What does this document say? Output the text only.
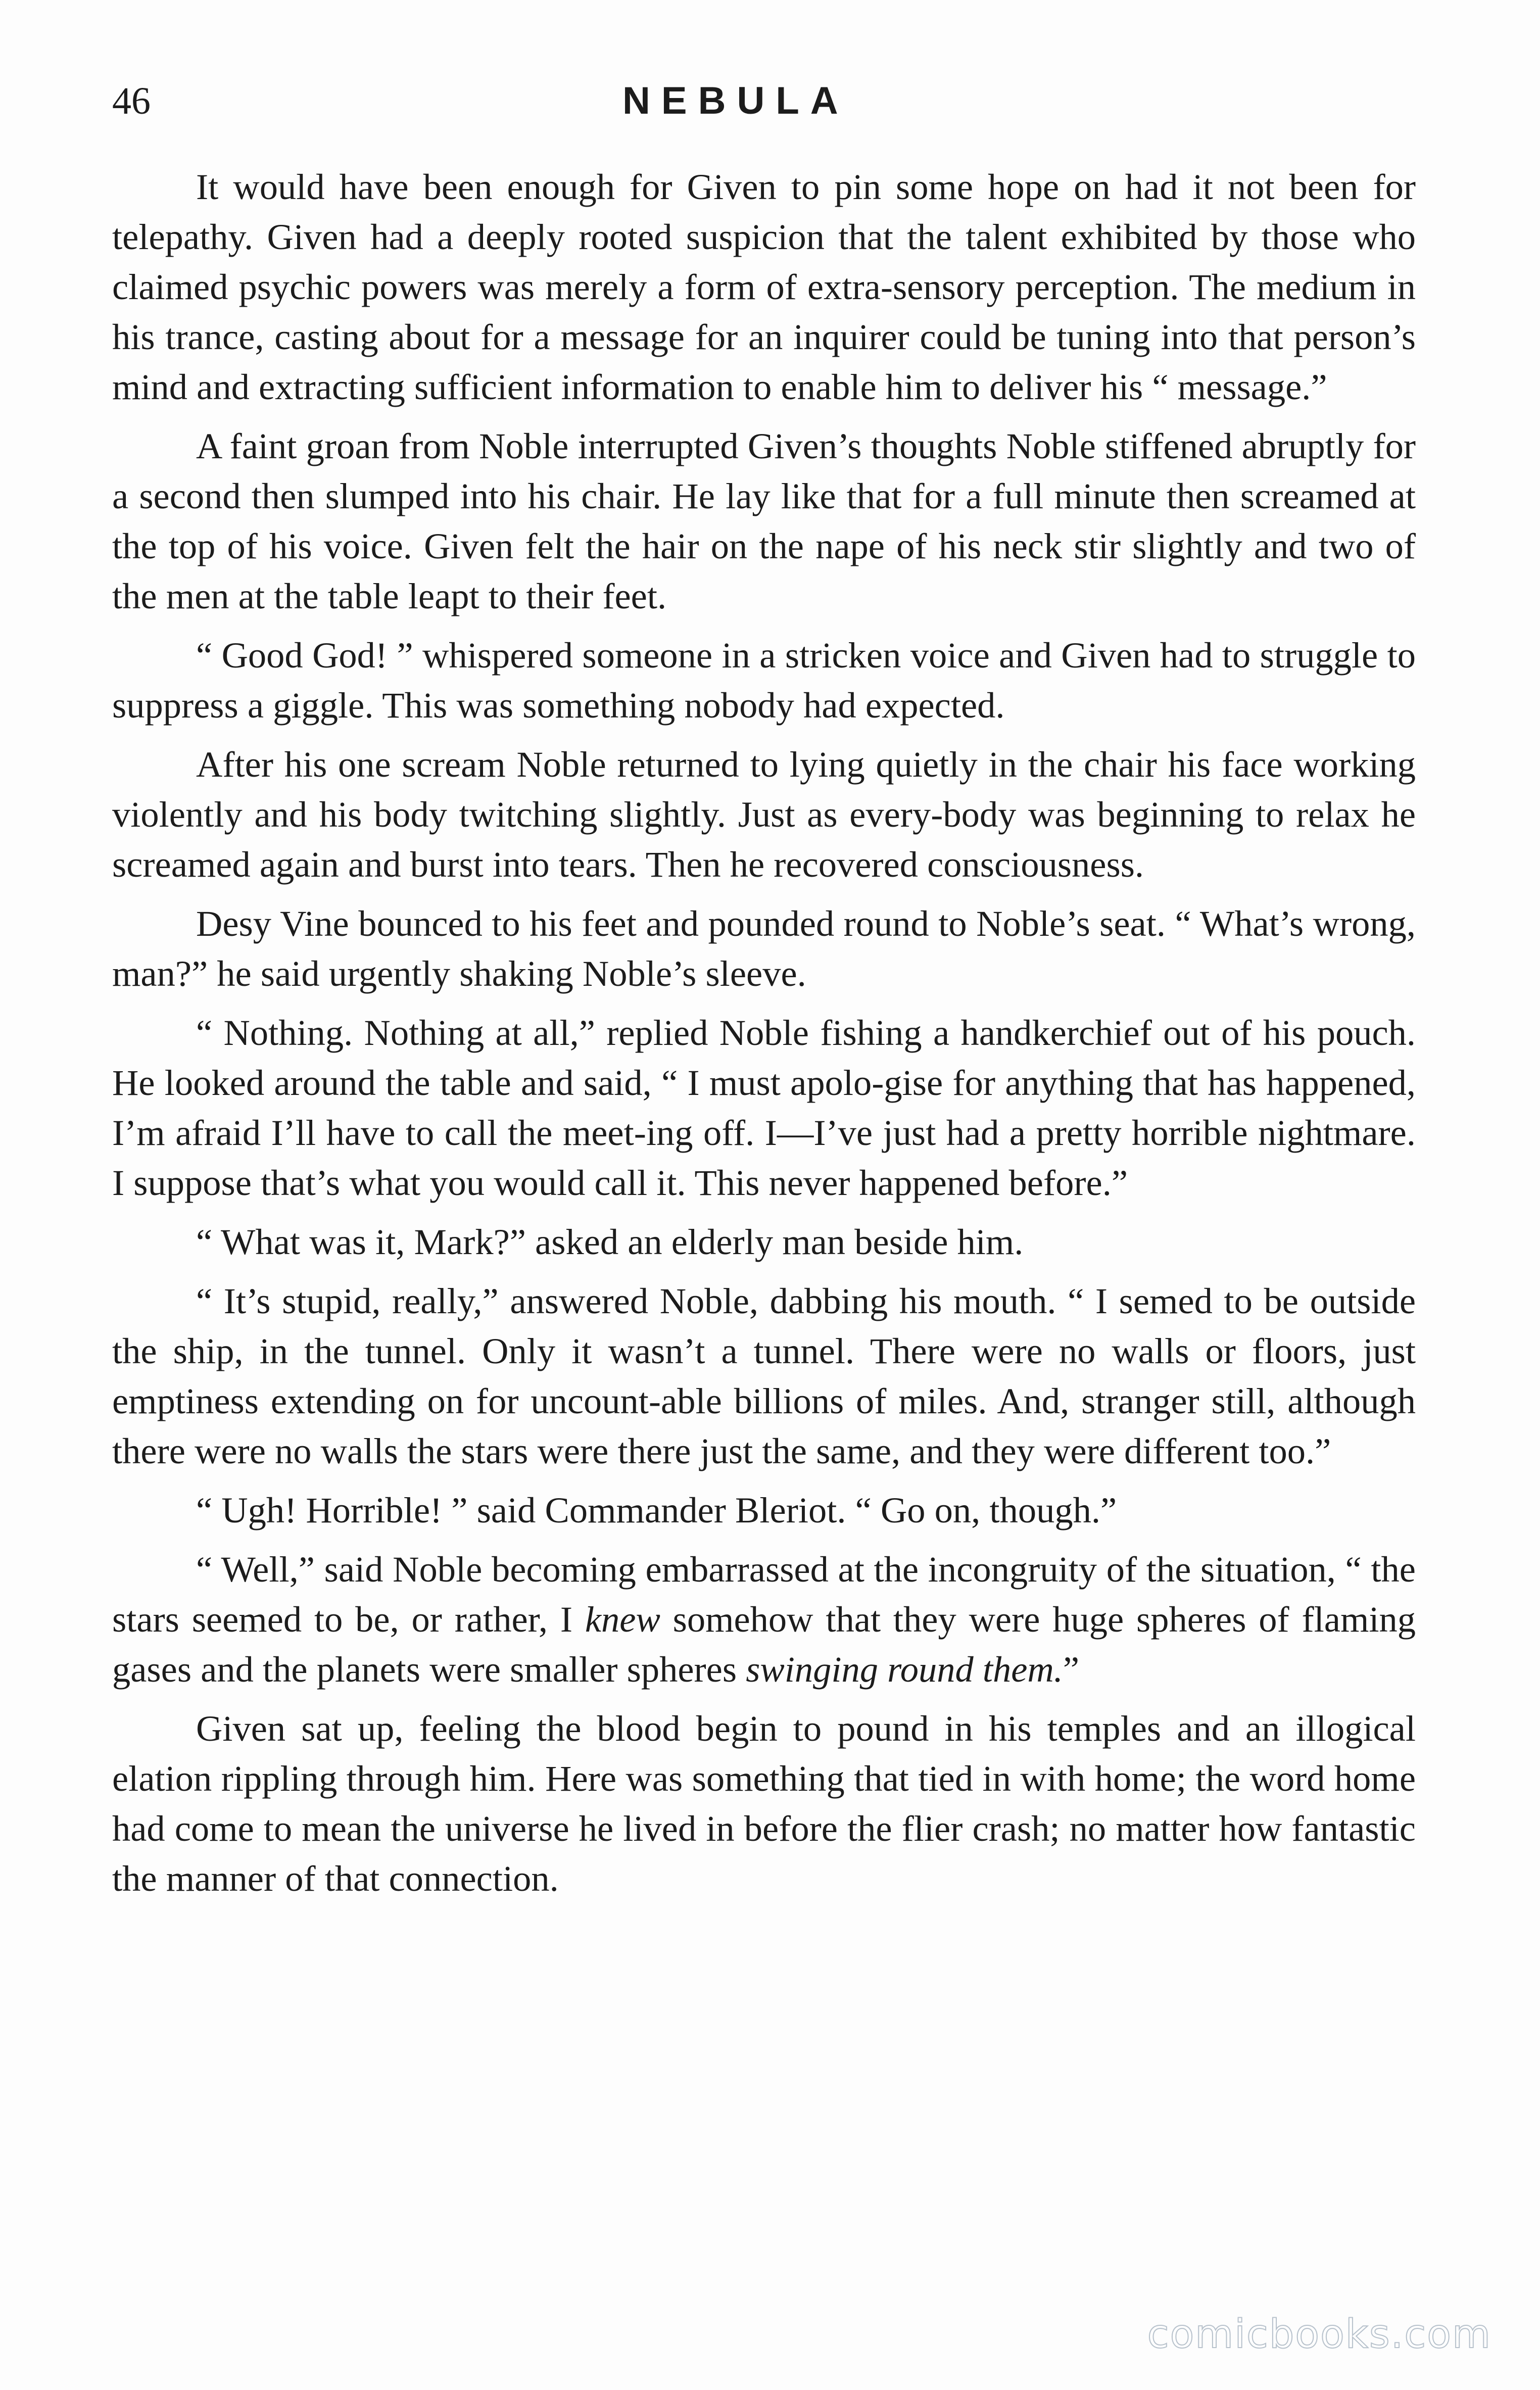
46	NEBULA

It would have been enough for Given to pin some hope on had it not been for telepathy. Given had a deeply rooted suspicion that the talent exhibited by those who claimed psychic powers was merely a form of extra-sensory perception. The medium in his trance, casting about for a message for an inquirer could be tuning into that person’s mind and extracting sufficient information to enable him to deliver his “ message.”

A faint groan from Noble interrupted Given’s thoughts Noble stiffened abruptly for a second then slumped into his chair. He lay like that for a full minute then screamed at the top of his voice. Given felt the hair on the nape of his neck stir slightly and two of the men at the table leapt to their feet.

“ Good God! ” whispered someone in a stricken voice and Given had to struggle to suppress a giggle. This was something nobody had expected.

After his one scream Noble returned to lying quietly in the chair his face working violently and his body twitching slightly. Just as every-body was beginning to relax he screamed again and burst into tears. Then he recovered consciousness.

Desy Vine bounced to his feet and pounded round to Noble’s seat. “ What’s wrong, man?” he said urgently shaking Noble’s sleeve.

“ Nothing. Nothing at all,” replied Noble fishing a handkerchief out of his pouch. He looked around the table and said, “ I must apolo-gise for anything that has happened, I’m afraid I’ll have to call the meet-ing off. I—I’ve just had a pretty horrible nightmare. I suppose that’s what you would call it. This never happened before.”

“ What was it, Mark?” asked an elderly man beside him.

“ It’s stupid, really,” answered Noble, dabbing his mouth. “ I semed to be outside the ship, in the tunnel. Only it wasn’t a tunnel. There were no walls or floors, just emptiness extending on for uncount-able billions of miles. And, stranger still, although there were no walls the stars were there just the same, and they were different too.”

“ Ugh! Horrible! ” said Commander Bleriot. “ Go on, though.”

“ Well,” said Noble becoming embarrassed at the incongruity of the situation, “ the stars seemed to be, or rather, I knew somehow that they were huge spheres of flaming gases and the planets were smaller spheres swinging round them.”

Given sat up, feeling the blood begin to pound in his temples and an illogical elation rippling through him. Here was something that tied in with home; the word home had come to mean the universe he lived in before the flier crash; no matter how fantastic the manner of that connection.

comicbooks.com
